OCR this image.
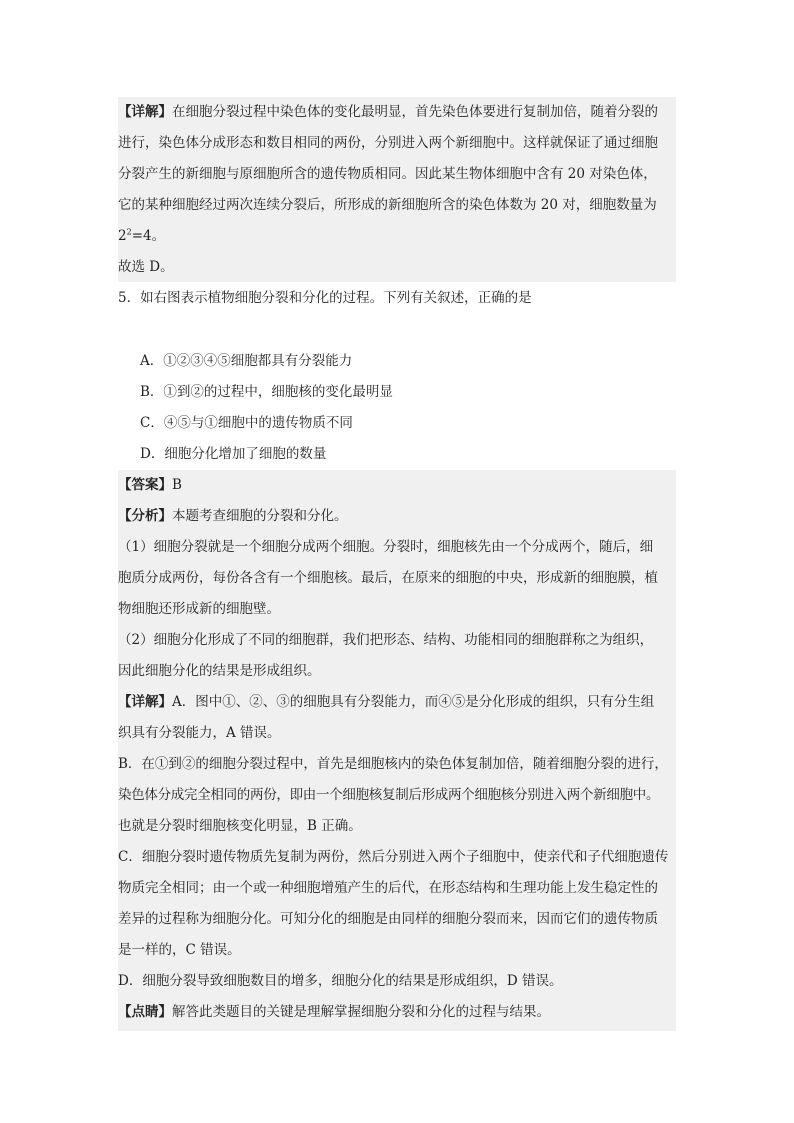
【详解】在细胞分裂过程中染色体的变化最明显，首先染色体要进行复制加倍，随着分裂的

进行，染色体分成形态和数目相同的两份，分别进入两个新细胞中。这样就保证了通过细胞

分裂产生的新细胞与原细胞所含的遗传物质相同。因此某生物体细胞中含有 20 对染色体，

它的某种细胞经过两次连续分裂后，所形成的新细胞所含的染色体数为 20 对，细胞数量为

$2^2=4$。

故选 D。

5．如右图表示植物细胞分裂和分化的过程。下列有关叙述，正确的是

A．①②③④⑤细胞都具有分裂能力

B．①到②的过程中，细胞核的变化最明显

C．④⑤与①细胞中的遗传物质不同

D．细胞分化增加了细胞的数量

【答案】B

【分析】本题考查细胞的分裂和分化。

（1）细胞分裂就是一个细胞分成两个细胞。分裂时，细胞核先由一个分成两个，随后，细

胞质分成两份，每份各含有一个细胞核。最后，在原来的细胞的中央，形成新的细胞膜，植

物细胞还形成新的细胞壁。

（2）细胞分化形成了不同的细胞群，我们把形态、结构、功能相同的细胞群称之为组织，

因此细胞分化的结果是形成组织。

【详解】A．图中①、②、③的细胞具有分裂能力，而④⑤是分化形成的组织，只有分生组

织具有分裂能力，A 错误。

B．在①到②的细胞分裂过程中，首先是细胞核内的染色体复制加倍，随着细胞分裂的进行，

染色体分成完全相同的两份，即由一个细胞核复制后形成两个细胞核分别进入两个新细胞中。

也就是分裂时细胞核变化明显，B 正确。

C．细胞分裂时遗传物质先复制为两份，然后分别进入两个子细胞中，使亲代和子代细胞遗传

物质完全相同；由一个或一种细胞增殖产生的后代，在形态结构和生理功能上发生稳定性的

差异的过程称为细胞分化。可知分化的细胞是由同样的细胞分裂而来，因而它们的遗传物质

是一样的，C 错误。

D．细胞分裂导致细胞数目的增多，细胞分化的结果是形成组织，D 错误。

【点睛】解答此类题目的关键是理解掌握细胞分裂和分化的过程与结果。
